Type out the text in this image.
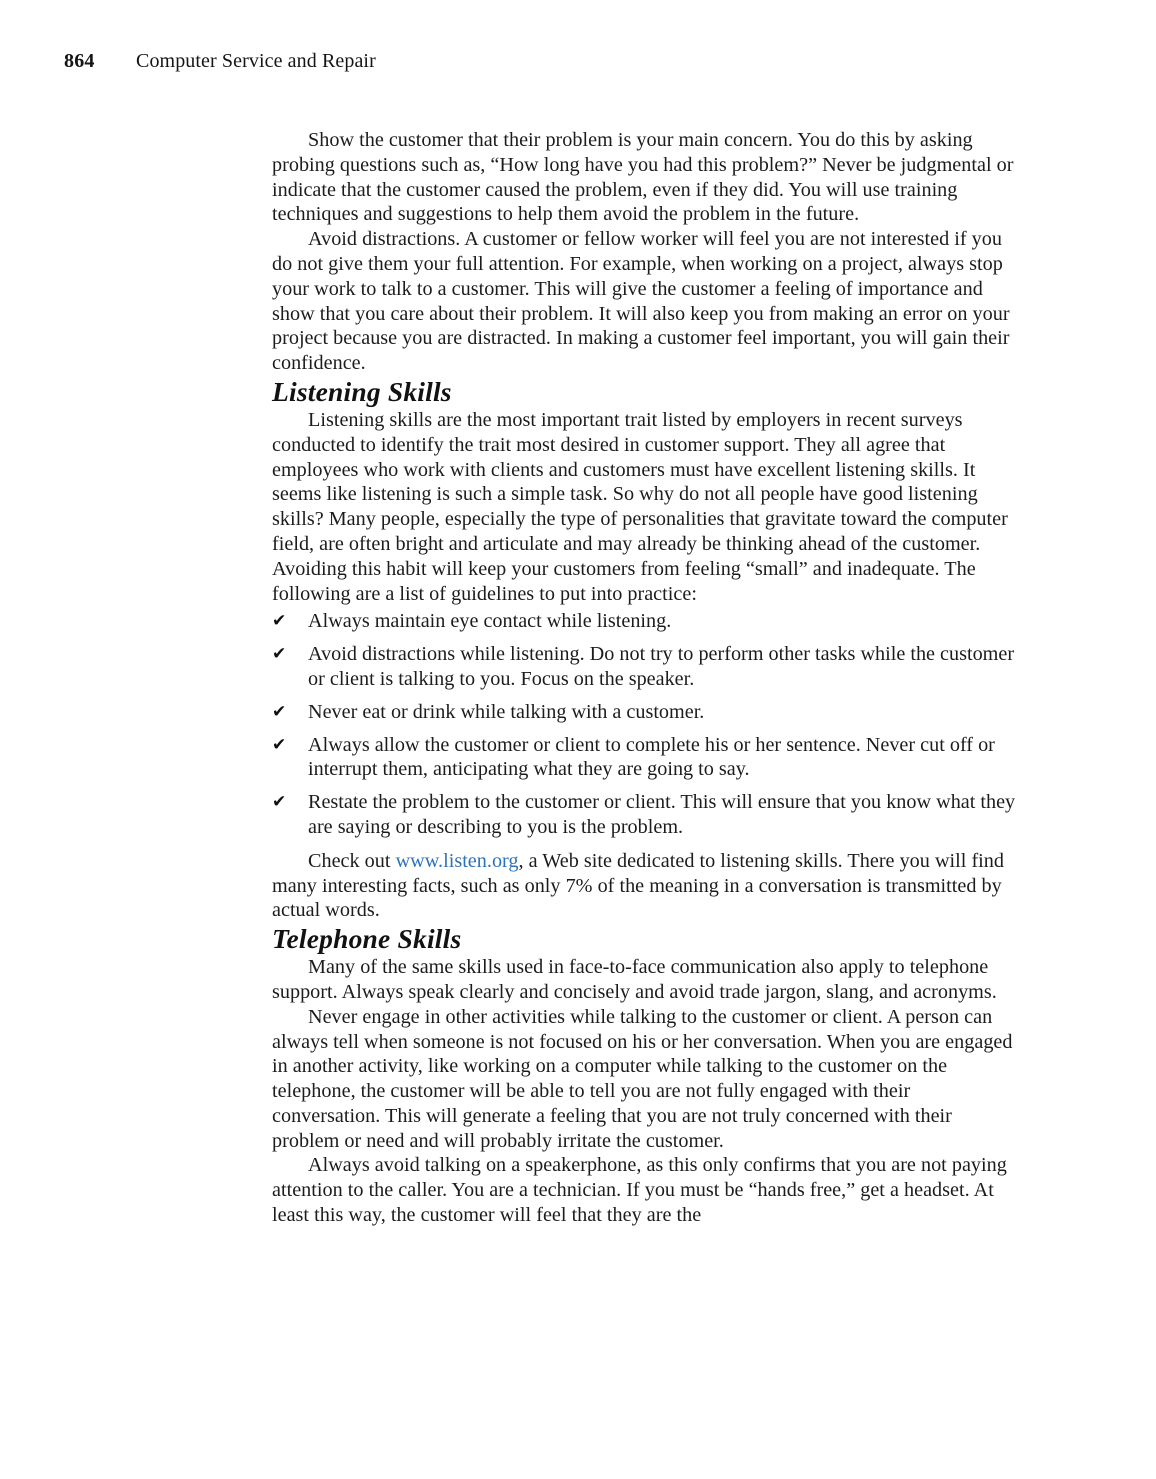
864	Computer Service and Repair

Show the customer that their problem is your main concern. You do this by asking probing questions such as, “How long have you had this problem?” Never be judgmental or indicate that the customer caused the problem, even if they did. You will use training techniques and suggestions to help them avoid the problem in the future.

Avoid distractions. A customer or fellow worker will feel you are not interested if you do not give them your full attention. For example, when working on a project, always stop your work to talk to a customer. This will give the customer a feeling of importance and show that you care about their problem. It will also keep you from making an error on your project because you are distracted. In making a customer feel important, you will gain their confidence.

Listening Skills

Listening skills are the most important trait listed by employers in recent surveys conducted to identify the trait most desired in customer support. They all agree that employees who work with clients and customers must have excellent listening skills. It seems like listening is such a simple task. So why do not all people have good listening skills? Many people, especially the type of personalities that gravitate toward the computer field, are often bright and articulate and may already be thinking ahead of the customer. Avoiding this habit will keep your customers from feeling “small” and inadequate. The following are a list of guidelines to put into practice:

✔ Always maintain eye contact while listening.
✔ Avoid distractions while listening. Do not try to perform other tasks while the customer or client is talking to you. Focus on the speaker.
✔ Never eat or drink while talking with a customer.
✔ Always allow the customer or client to complete his or her sentence. Never cut off or interrupt them, anticipating what they are going to say.
✔ Restate the problem to the customer or client. This will ensure that you know what they are saying or describing to you is the problem.

Check out www.listen.org, a Web site dedicated to listening skills. There you will find many interesting facts, such as only 7% of the meaning in a conversation is transmitted by actual words.

Telephone Skills

Many of the same skills used in face-to-face communication also apply to telephone support. Always speak clearly and concisely and avoid trade jargon, slang, and acronyms.

Never engage in other activities while talking to the customer or client. A person can always tell when someone is not focused on his or her conversation. When you are engaged in another activity, like working on a computer while talking to the customer on the telephone, the customer will be able to tell you are not fully engaged with their conversation. This will generate a feeling that you are not truly concerned with their problem or need and will probably irritate the customer.

Always avoid talking on a speakerphone, as this only confirms that you are not paying attention to the caller. You are a technician. If you must be “hands free,” get a headset. At least this way, the customer will feel that they are the
